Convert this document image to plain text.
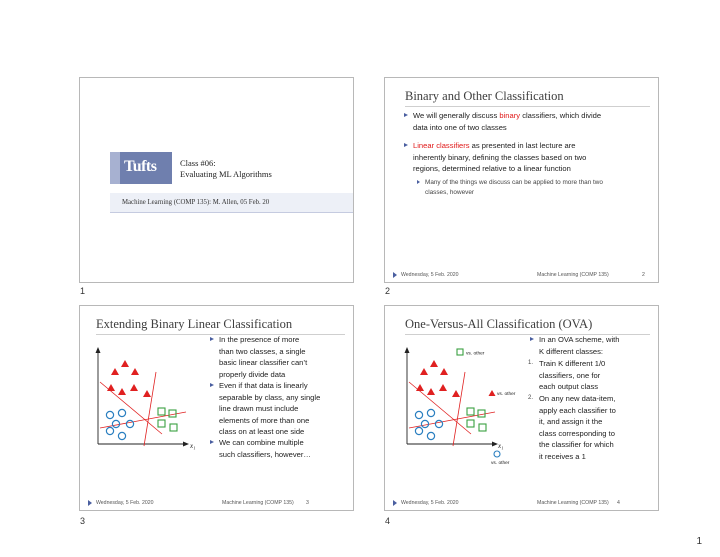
Tufts	Class #06:
Evaluating ML Algorithms
Machine Learning (COMP 135): M. Allen, 05 Feb. 20
1
Binary and Other Classification
We will generally discuss binary classifiers, which divide
data into one of two classes
Linear classifiers as presented in last lecture are
inherently binary, defining the classes based on two
regions, determined relative to a linear function
Many of the things we discuss can be applied to more than two
classes, however
Wednesday, 5 Feb. 2020	Machine Learning (COMP 135)	2
2
Extending Binary Linear Classification
x₁
In the presence of more
than two classes, a single
basic linear classifier can’t
properly divide data
Even if that data is linearly
separable by class, any single
line drawn must include
elements of more than one
class on at least one side
We can combine multiple
such classifiers, however…
Wednesday, 5 Feb. 2020	Machine Learning (COMP 135) 3
3
One-Versus-All Classification (OVA)
vs. other
vs. other
vs. other
x₁
In an OVA scheme, with
K different classes:
1. Train K different 1/0
classifiers, one for
each output class
2. On any new data-item,
apply each classifier to
it, and assign it the
class corresponding to
the classifier for which
it receives a 1
Wednesday, 5 Feb. 2020	Machine Learning (COMP 135) 4
4
1
